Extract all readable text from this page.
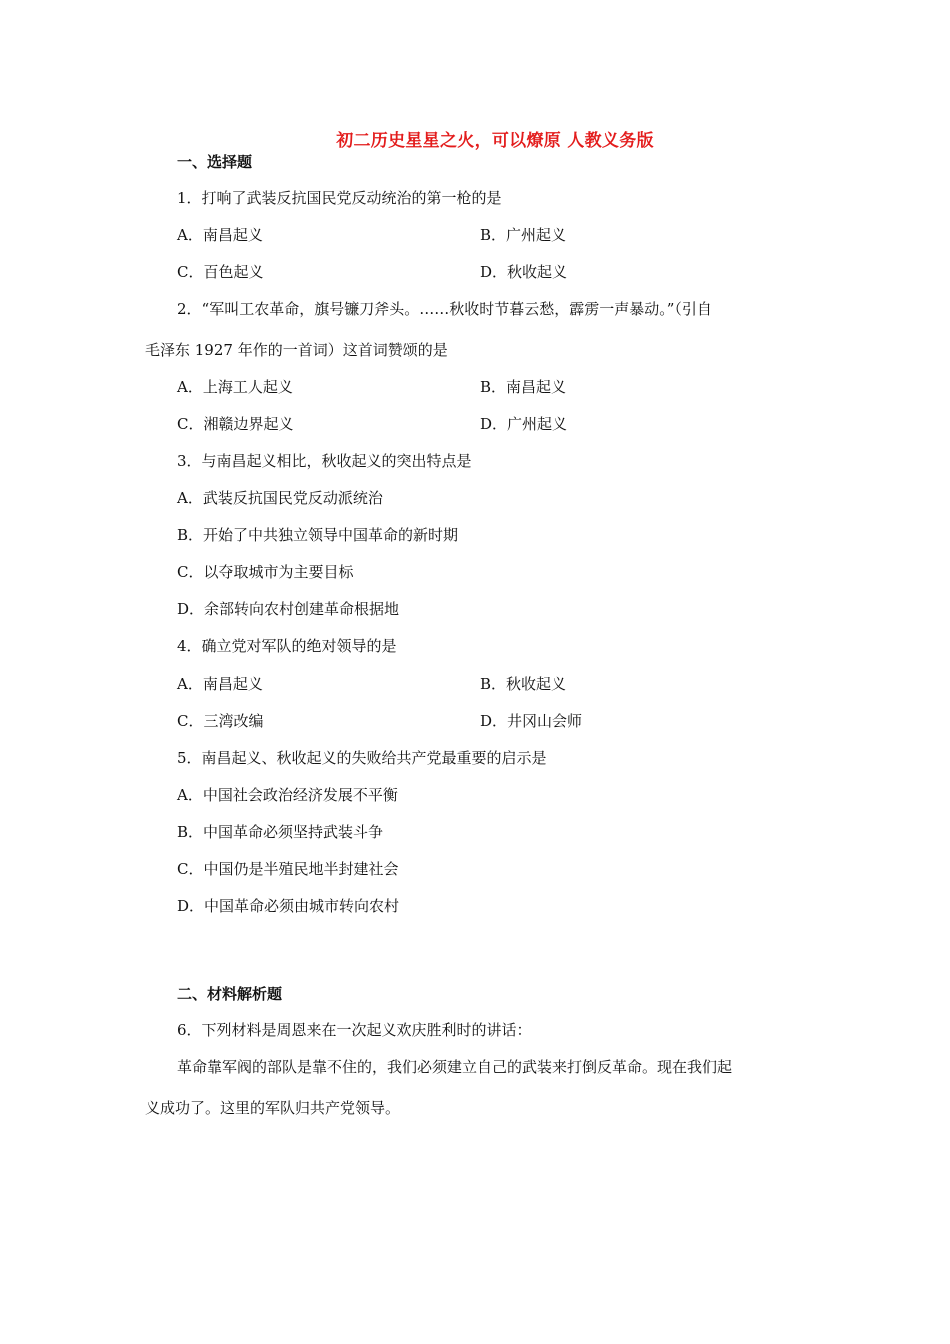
初二历史星星之火，可以燎原 人教义务版
一、选择题
1．打响了武装反抗国民党反动统治的第一枪的是
A．南昌起义	B．广州起义
C．百色起义	D．秋收起义
2．“军叫工农革命，旗号镰刀斧头。……秋收时节暮云愁，霹雳一声暴动。”（引自
毛泽东 1927 年作的一首词）这首词赞颂的是
A．上海工人起义	B．南昌起义
C．湘赣边界起义	D．广州起义
3．与南昌起义相比，秋收起义的突出特点是
A．武装反抗国民党反动派统治
B．开始了中共独立领导中国革命的新时期
C．以夺取城市为主要目标
D．余部转向农村创建革命根据地
4．确立党对军队的绝对领导的是
A．南昌起义	B．秋收起义
C．三湾改编	D．井冈山会师
5．南昌起义、秋收起义的失败给共产党最重要的启示是
A．中国社会政治经济发展不平衡
B．中国革命必须坚持武装斗争
C．中国仍是半殖民地半封建社会
D．中国革命必须由城市转向农村
二、材料解析题
6．下列材料是周恩来在一次起义欢庆胜利时的讲话：
革命靠军阀的部队是靠不住的，我们必须建立自己的武装来打倒反革命。现在我们起
义成功了。这里的军队归共产党领导。
